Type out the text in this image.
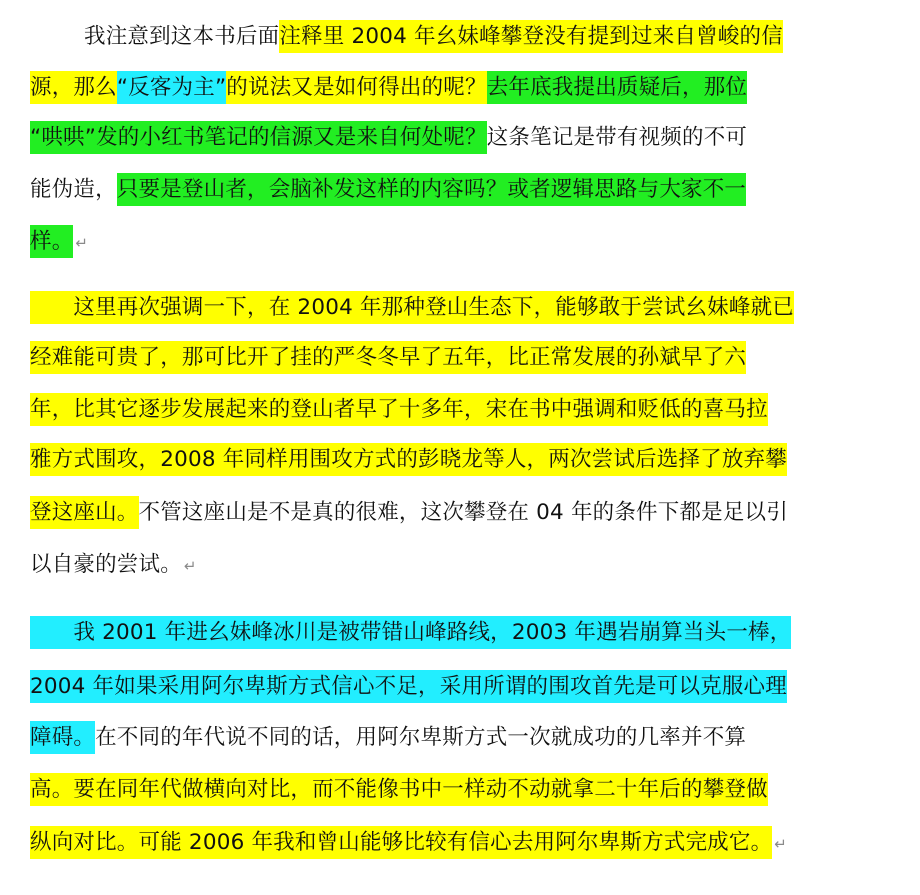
8264.CO
我注意到这本书后面注释里 2004 年幺妹峰攀登没有提到过来自曾峻的信
源，那么“反客为主”的说法又是如何得出的呢？去年底我提出质疑后，那位
“哄哄”发的小红书笔记的信源又是来自何处呢？这条笔记是带有视频的不可
能伪造，只要是登山者，会脑补发这样的内容吗？或者逻辑思路与大家不一
样。 ↵
　　这里再次强调一下，在 2004 年那种登山生态下，能够敢于尝试幺妹峰就已
经难能可贵了，那可比开了挂的严冬冬早了五年，比正常发展的孙斌早了六
年，比其它逐步发展起来的登山者早了十多年，宋在书中强调和贬低的喜马拉
雅方式围攻，2008 年同样用围攻方式的彭晓龙等人，两次尝试后选择了放弃攀
登这座山。不管这座山是不是真的很难，这次攀登在 04 年的条件下都是足以引
以自豪的尝试。 ↵
　　我 2001 年进幺妹峰冰川是被带错山峰路线，2003 年遇岩崩算当头一棒，
2004 年如果采用阿尔卑斯方式信心不足，采用所谓的围攻首先是可以克服心理
障碍。在不同的年代说不同的话，用阿尔卑斯方式一次就成功的几率并不算
高。要在同年代做横向对比，而不能像书中一样动不动就拿二十年后的攀登做
纵向对比。可能 2006 年我和曾山能够比较有信心去用阿尔卑斯方式完成它。 ↵
